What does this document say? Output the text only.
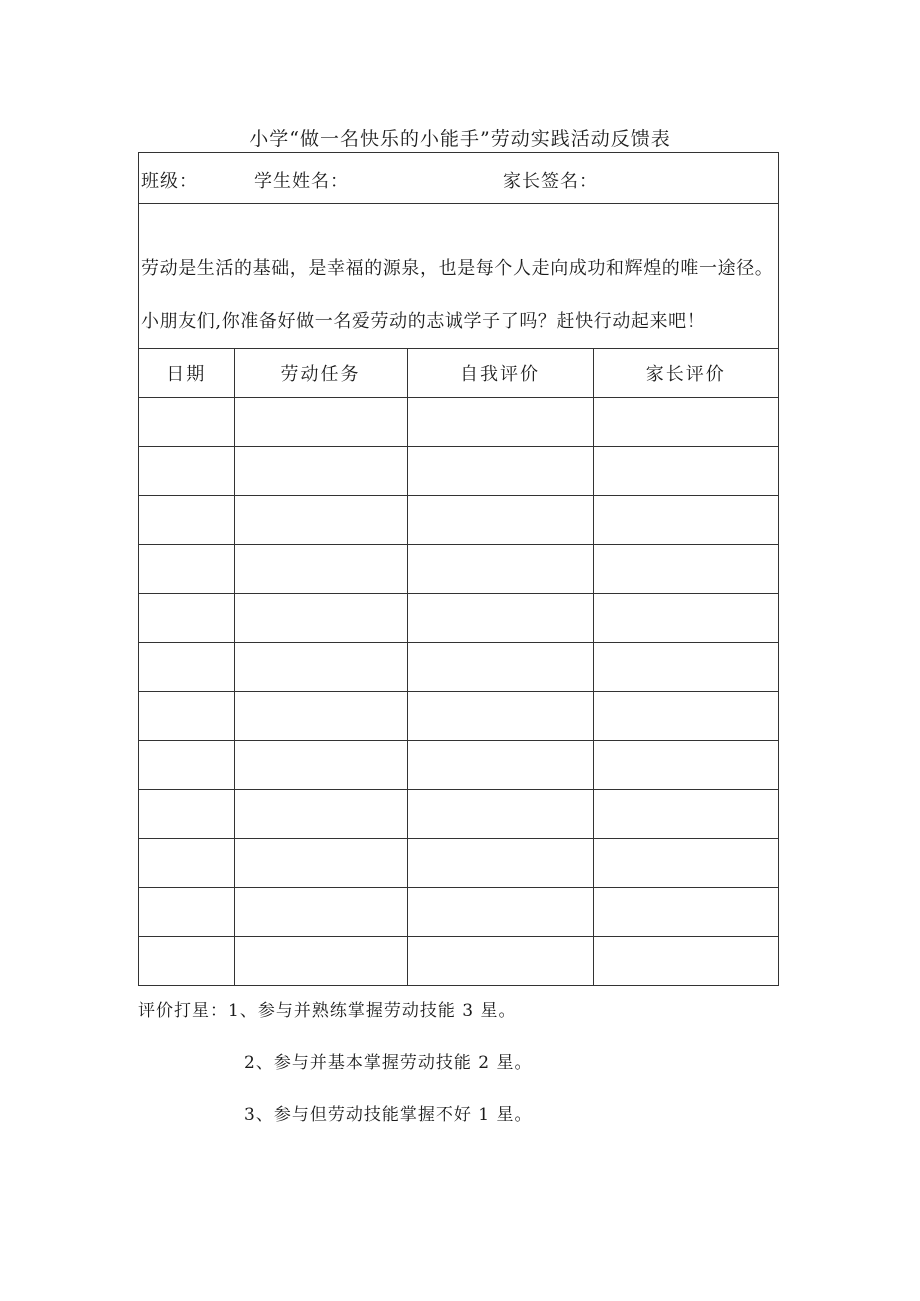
小学“做一名快乐的小能手”劳动实践活动反馈表
班级：	学生姓名：	家长签名：
劳动是生活的基础，是幸福的源泉，也是每个人走向成功和辉煌的唯一途径。小朋友们,你准备好做一名爱劳动的志诚学子了吗？赶快行动起来吧！
日期	劳动任务	自我评价	家长评价

评价打星：1、参与并熟练掌握劳动技能 3 星。
2、参与并基本掌握劳动技能 2 星。
3、参与但劳动技能掌握不好 1 星。
